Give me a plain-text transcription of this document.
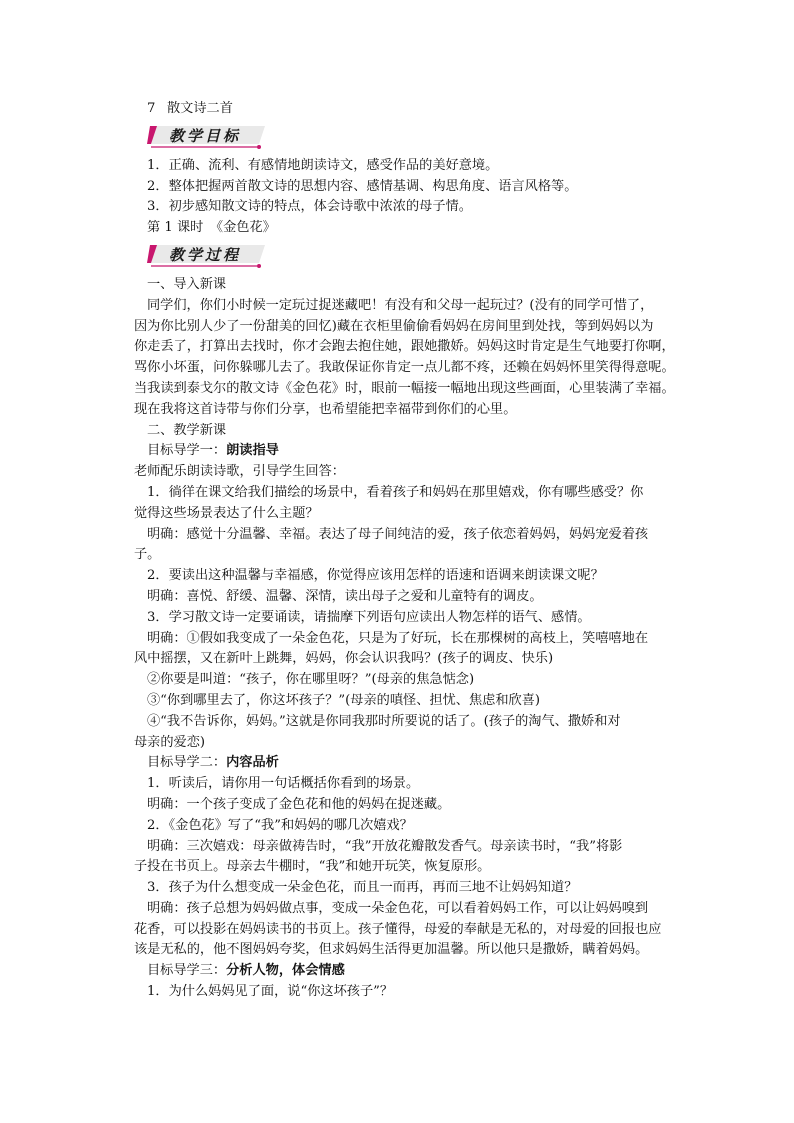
7 散文诗二首
教学目标
1．正确、流利、有感情地朗读诗文，感受作品的美好意境。
2．整体把握两首散文诗的思想内容、感情基调、构思角度、语言风格等。
3．初步感知散文诗的特点，体会诗歌中浓浓的母子情。
第 1 课时　《金色花》
教学过程
一、导入新课
同学们，你们小时候一定玩过捉迷藏吧！有没有和父母一起玩过？(没有的同学可惜了，
因为你比别人少了一份甜美的回忆)藏在衣柜里偷偷看妈妈在房间里到处找，等到妈妈以为
你走丢了，打算出去找时，你才会跑去抱住她，跟她撒娇。妈妈这时肯定是生气地要打你啊，
骂你小坏蛋，问你躲哪儿去了。我敢保证你肯定一点儿都不疼，还赖在妈妈怀里笑得得意呢。
当我读到泰戈尔的散文诗《金色花》时，眼前一幅接一幅地出现这些画面，心里装满了幸福。
现在我将这首诗带与你们分享，也希望能把幸福带到你们的心里。
二、教学新课
目标导学一：朗读指导
老师配乐朗读诗歌，引导学生回答：
1．徜徉在课文给我们描绘的场景中，看着孩子和妈妈在那里嬉戏，你有哪些感受？你
觉得这些场景表达了什么主题？
明确：感觉十分温馨、幸福。表达了母子间纯洁的爱，孩子依恋着妈妈，妈妈宠爱着孩
子。
2．要读出这种温馨与幸福感，你觉得应该用怎样的语速和语调来朗读课文呢？
明确：喜悦、舒缓、温馨、深情，读出母子之爱和儿童特有的调皮。
3．学习散文诗一定要诵读，请揣摩下列语句应读出人物怎样的语气、感情。
明确：①假如我变成了一朵金色花，只是为了好玩，长在那棵树的高枝上，笑嘻嘻地在
风中摇摆，又在新叶上跳舞，妈妈，你会认识我吗？(孩子的调皮、快乐)
②你要是叫道：“孩子，你在哪里呀？”(母亲的焦急惦念)
③“你到哪里去了，你这坏孩子？”(母亲的嗔怪、担忧、焦虑和欣喜)
④“我不告诉你，妈妈。”这就是你同我那时所要说的话了。(孩子的淘气、撒娇和对
母亲的爱恋)
目标导学二：内容品析
1．听读后，请你用一句话概括你看到的场景。
明确：一个孩子变成了金色花和他的妈妈在捉迷藏。
2．《金色花》写了“我”和妈妈的哪几次嬉戏？
明确：三次嬉戏：母亲做祷告时，“我”开放花瓣散发香气。母亲读书时，“我”将影
子投在书页上。母亲去牛棚时，“我”和她开玩笑，恢复原形。
3．孩子为什么想变成一朵金色花，而且一而再，再而三地不让妈妈知道？
明确：孩子总想为妈妈做点事，变成一朵金色花，可以看着妈妈工作，可以让妈妈嗅到
花香，可以投影在妈妈读书的书页上。孩子懂得，母爱的奉献是无私的，对母爱的回报也应
该是无私的，他不图妈妈夸奖，但求妈妈生活得更加温馨。所以他只是撒娇，瞒着妈妈。
目标导学三：分析人物，体会情感
1．为什么妈妈见了面，说“你这坏孩子”？
